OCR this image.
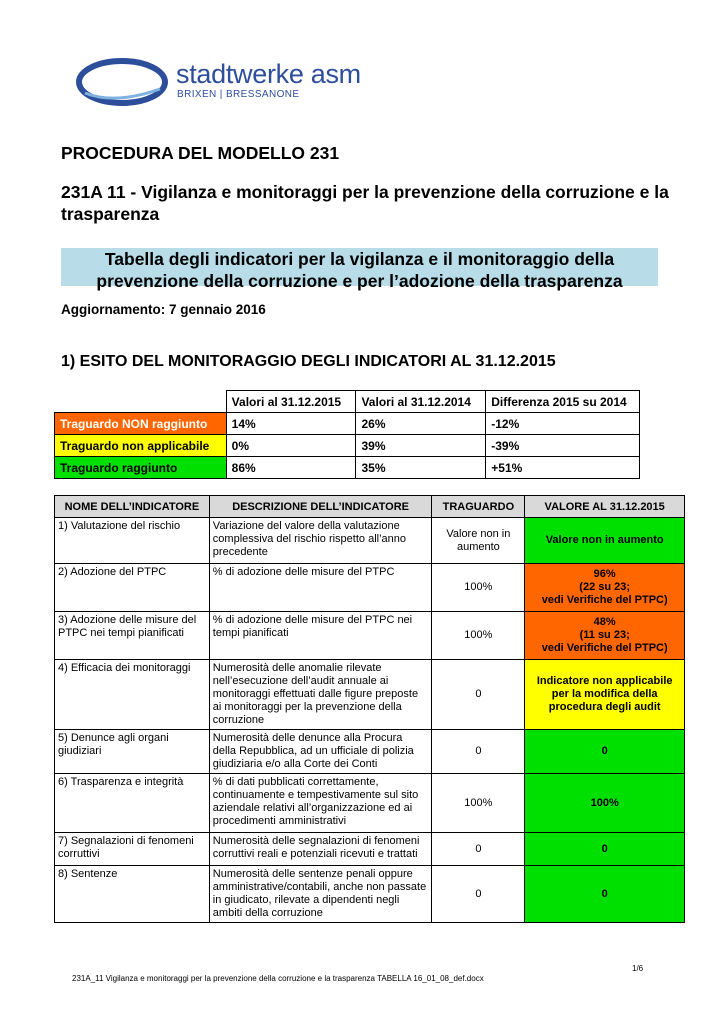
stadtwerke asm
BRIXEN | BRESSANONE
PROCEDURA DEL MODELLO 231
231A 11 - Vigilanza e monitoraggi per la prevenzione della corruzione e la trasparenza
Tabella degli indicatori per la vigilanza e il monitoraggio della
prevenzione della corruzione e per l’adozione della trasparenza
Aggiornamento: 7 gennaio 2016
1) ESITO DEL MONITORAGGIO DEGLI INDICATORI AL 31.12.2015
	Valori al 31.12.2015	Valori al 31.12.2014	Differenza 2015 su 2014
Traguardo NON raggiunto	14%	26%	-12%
Traguardo non applicabile	0%	39%	-39%
Traguardo raggiunto	86%	35%	+51%
NOME DELL’INDICATORE	DESCRIZIONE DELL’INDICATORE	TRAGUARDO	VALORE AL 31.12.2015
1) Valutazione del rischio	Variazione del valore della valutazione complessiva del rischio rispetto all’anno precedente	Valore non in aumento	Valore non in aumento

2) Adozione del PTPC	% di adozione delle misure del PTPC	100%	96%
(22 su 23;
vedi Verifiche del PTPC)

3) Adozione delle misure del PTPC nei tempi pianificati	% di adozione delle misure del PTPC nei tempi pianificati	100%	48%
(11 su 23;
vedi Verifiche del PTPC)

4) Efficacia dei monitoraggi	Numerosità delle anomalie rilevate nell’esecuzione dell’audit annuale ai monitoraggi effettuati dalle figure preposte ai monitoraggi per la prevenzione della corruzione	0	Indicatore non applicabile
per la modifica della
procedura degli audit

5) Denunce agli organi giudiziari	Numerosità delle denunce alla Procura della Repubblica, ad un ufficiale di polizia giudiziaria e/o alla Corte dei Conti	0	0

6) Trasparenza e integrità	% di dati pubblicati correttamente, continuamente e tempestivamente sul sito aziendale relativi all’organizzazione ed ai procedimenti amministrativi	100%	100%

7) Segnalazioni di fenomeni corruttivi	Numerosità delle segnalazioni di fenomeni corruttivi reali e potenziali ricevuti e trattati	0	0

8) Sentenze	Numerosità delle sentenze penali oppure amministrative/contabili, anche non passate in giudicato, rilevate a dipendenti negli ambiti della corruzione	0	0
1/6
231A_11 Vigilanza e monitoraggi per la prevenzione della corruzione e la trasparenza TABELLA 16_01_08_def.docx
